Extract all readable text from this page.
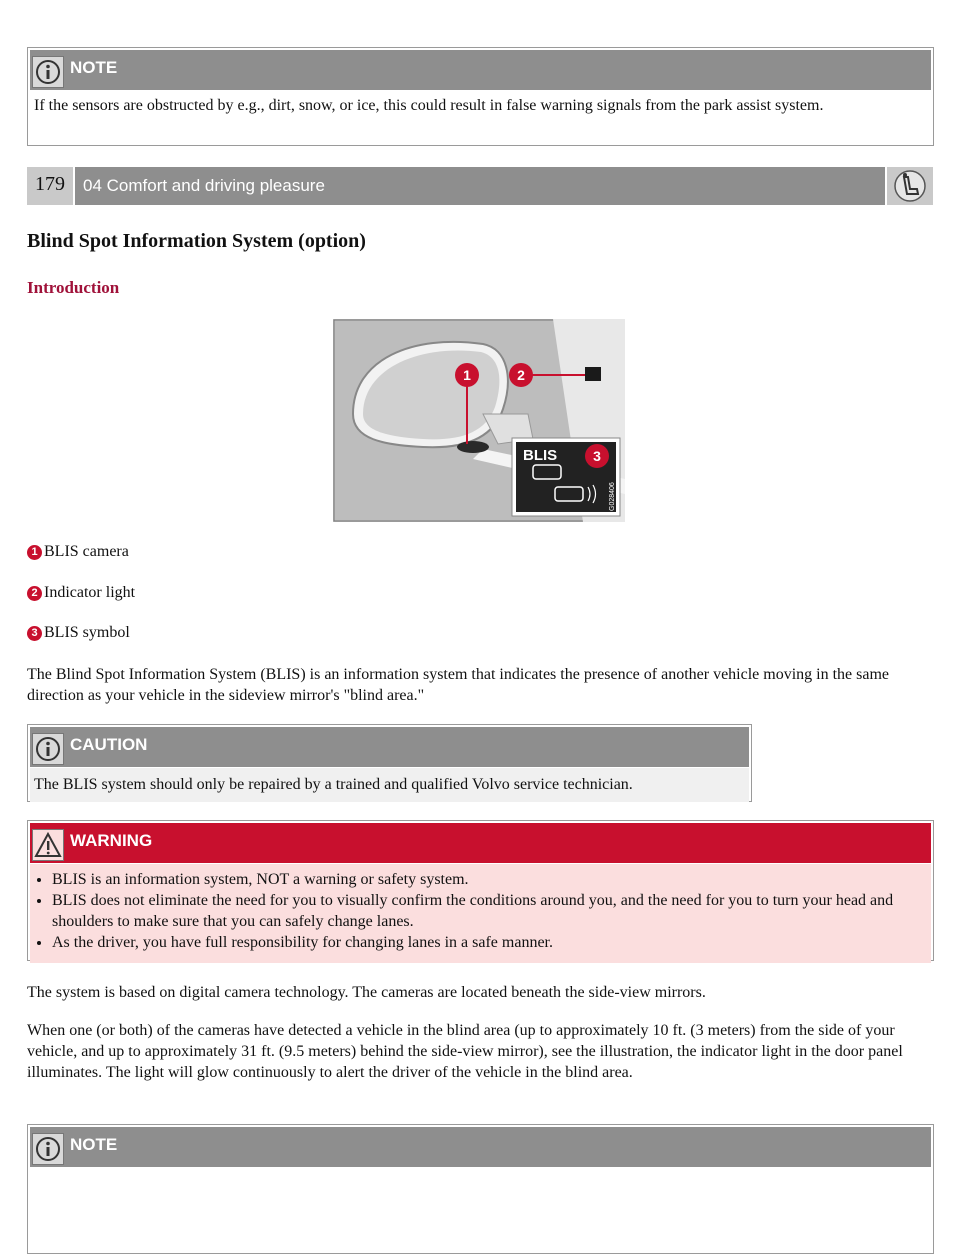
NOTE
If the sensors are obstructed by e.g., dirt, snow, or ice, this could result in false warning signals from the park assist system.
179	04 Comfort and driving pleasure
Blind Spot Information System (option)
Introduction
BLIS
G028406
1	2
3
1 BLIS camera
2 Indicator light
3 BLIS symbol
The Blind Spot Information System (BLIS) is an information system that indicates the presence of another vehicle moving in the same direction as your vehicle in the sideview mirror's "blind area."
CAUTION
The BLIS system should only be repaired by a trained and qualified Volvo service technician.
WARNING
• BLIS is an information system, NOT a warning or safety system.
• BLIS does not eliminate the need for you to visually confirm the conditions around you, and the need for you to turn your head and shoulders to make sure that you can safely change lanes.
• As the driver, you have full responsibility for changing lanes in a safe manner.
The system is based on digital camera technology. The cameras are located beneath the side-view mirrors.
When one (or both) of the cameras have detected a vehicle in the blind area (up to approximately 10 ft. (3 meters) from the side of your vehicle, and up to approximately 31 ft. (9.5 meters) behind the side-view mirror), see the illustration, the indicator light in the door panel illuminates. The light will glow continuously to alert the driver of the vehicle in the blind area.
NOTE
